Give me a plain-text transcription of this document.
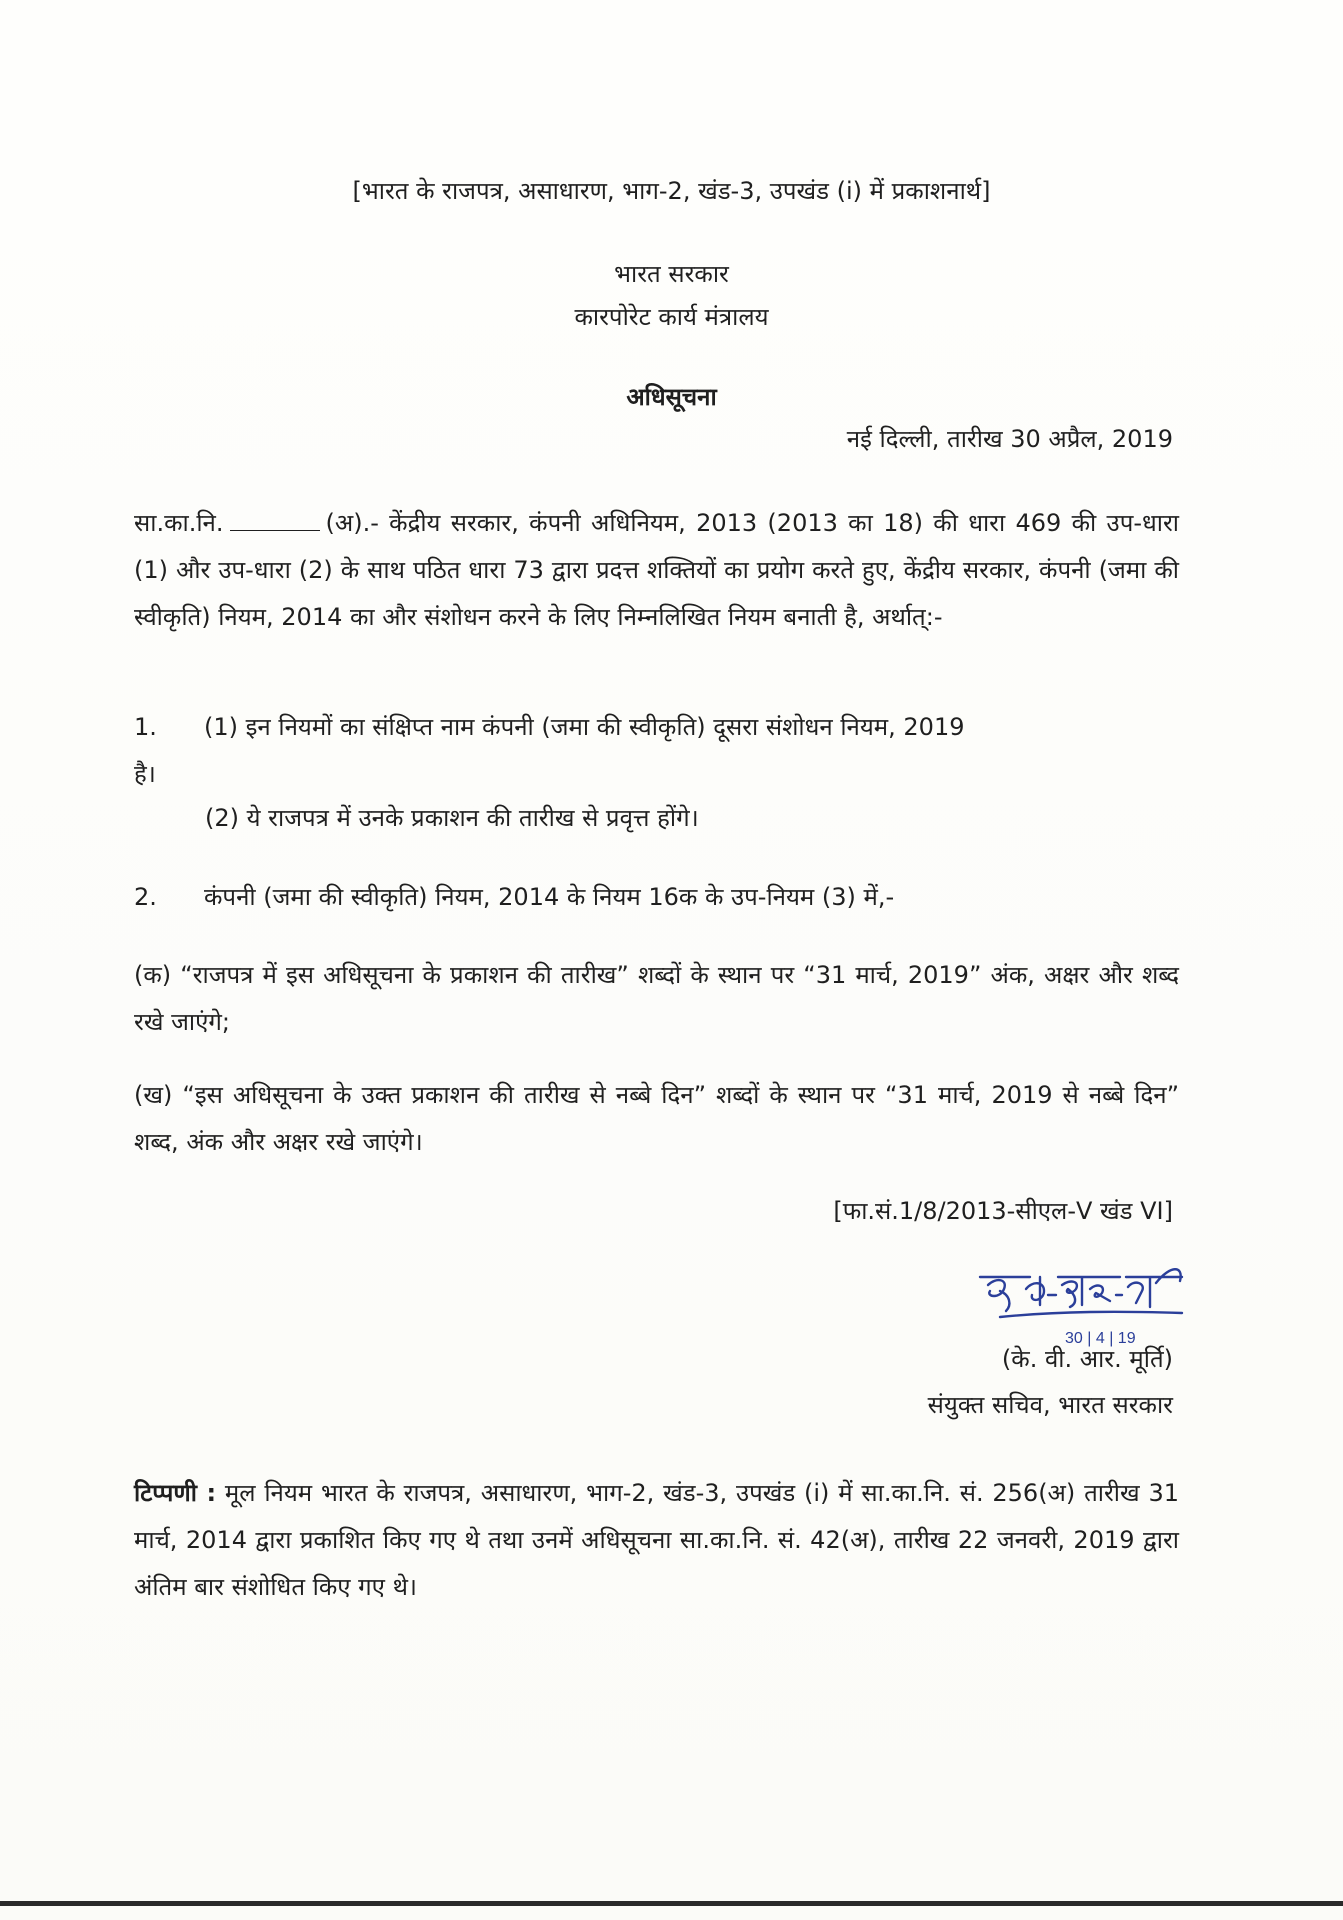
[भारत के राजपत्र, असाधारण, भाग-2, खंड-3, उपखंड (i) में प्रकाशनार्थ]
भारत सरकार
कारपोरेट कार्य मंत्रालय
अधिसूचना
नई दिल्ली, तारीख 30 अप्रैल, 2019
सा.का.नि.	(अ).- केंद्रीय सरकार, कंपनी अधिनियम, 2013 (2013 का 18) की धारा 469 की उप-धारा (1) और उप-धारा (2) के साथ पठित धारा 73 द्वारा प्रदत्त शक्तियों का प्रयोग करते हुए, केंद्रीय सरकार, कंपनी (जमा की स्वीकृति) नियम, 2014 का और संशोधन करने के लिए निम्नलिखित नियम बनाती है, अर्थात्:-
1. (1) इन नियमों का संक्षिप्त नाम कंपनी (जमा की स्वीकृति) दूसरा संशोधन नियम, 2019
है।
(2) ये राजपत्र में उनके प्रकाशन की तारीख से प्रवृत्त होंगे।
2. कंपनी (जमा की स्वीकृति) नियम, 2014 के नियम 16क के उप-नियम (3) में,-
(क) “राजपत्र में इस अधिसूचना के प्रकाशन की तारीख” शब्दों के स्थान पर “31 मार्च, 2019” अंक, अक्षर और शब्द रखे जाएंगे;
(ख) “इस अधिसूचना के उक्त प्रकाशन की तारीख से नब्बे दिन” शब्दों के स्थान पर “31 मार्च, 2019 से नब्बे दिन” शब्द, अंक और अक्षर रखे जाएंगे।
[फा.सं.1/8/2013-सीएल-V खंड VI]
30 | 4 | 19
(के. वी. आर. मूर्ति)
संयुक्त सचिव, भारत सरकार
टिप्पणी : मूल नियम भारत के राजपत्र, असाधारण, भाग-2, खंड-3, उपखंड (i) में सा.का.नि. सं. 256(अ) तारीख 31 मार्च, 2014 द्वारा प्रकाशित किए गए थे तथा उनमें अधिसूचना सा.का.नि. सं. 42(अ), तारीख 22 जनवरी, 2019 द्वारा अंतिम बार संशोधित किए गए थे।
